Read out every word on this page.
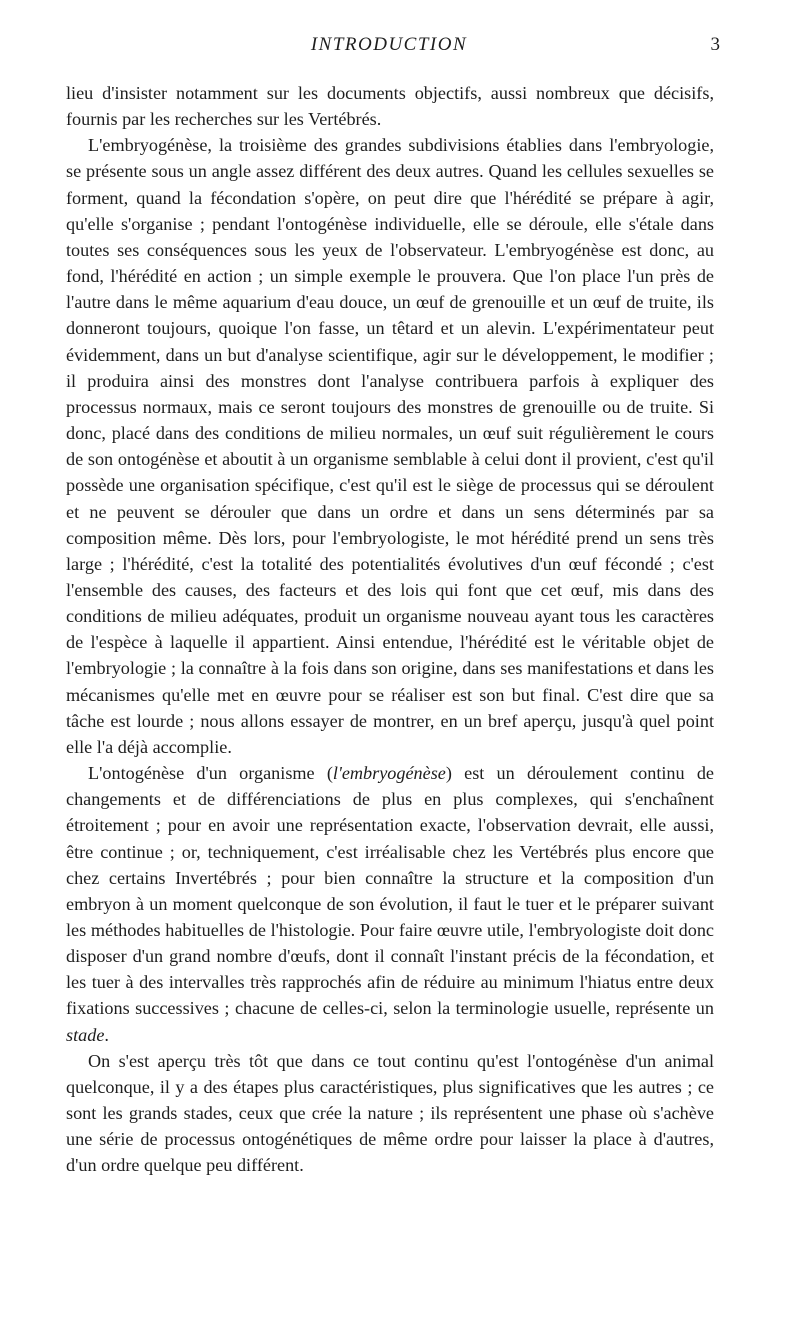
INTRODUCTION	3

lieu d'insister notamment sur les documents objectifs, aussi nombreux que décisifs, fournis par les recherches sur les Vertébrés.

L'embryogénèse, la troisième des grandes subdivisions établies dans l'embryologie, se présente sous un angle assez différent des deux autres. Quand les cellules sexuelles se forment, quand la fécondation s'opère, on peut dire que l'hérédité se prépare à agir, qu'elle s'organise ; pendant l'ontogénèse individuelle, elle se déroule, elle s'étale dans toutes ses conséquences sous les yeux de l'observateur. L'embryogénèse est donc, au fond, l'hérédité en action ; un simple exemple le prouvera. Que l'on place l'un près de l'autre dans le même aquarium d'eau douce, un œuf de grenouille et un œuf de truite, ils donneront toujours, quoique l'on fasse, un têtard et un alevin. L'expérimentateur peut évidemment, dans un but d'analyse scientifique, agir sur le développement, le modifier ; il produira ainsi des monstres dont l'analyse contribuera parfois à expliquer des processus normaux, mais ce seront toujours des monstres de grenouille ou de truite. Si donc, placé dans des conditions de milieu normales, un œuf suit régulièrement le cours de son ontogénèse et aboutit à un organisme semblable à celui dont il provient, c'est qu'il possède une organisation spécifique, c'est qu'il est le siège de processus qui se déroulent et ne peuvent se dérouler que dans un ordre et dans un sens déterminés par sa composition même. Dès lors, pour l'embryologiste, le mot hérédité prend un sens très large ; l'hérédité, c'est la totalité des potentialités évolutives d'un œuf fécondé ; c'est l'ensemble des causes, des facteurs et des lois qui font que cet œuf, mis dans des conditions de milieu adéquates, produit un organisme nouveau ayant tous les caractères de l'espèce à laquelle il appartient. Ainsi entendue, l'hérédité est le véritable objet de l'embryologie ; la connaître à la fois dans son origine, dans ses manifestations et dans les mécanismes qu'elle met en œuvre pour se réaliser est son but final. C'est dire que sa tâche est lourde ; nous allons essayer de montrer, en un bref aperçu, jusqu'à quel point elle l'a déjà accomplie.

L'ontogénèse d'un organisme (l'embryogénèse) est un déroulement continu de changements et de différenciations de plus en plus complexes, qui s'enchaînent étroitement ; pour en avoir une représentation exacte, l'observation devrait, elle aussi, être continue ; or, techniquement, c'est irréalisable chez les Vertébrés plus encore que chez certains Invertébrés ; pour bien connaître la structure et la composition d'un embryon à un moment quelconque de son évolution, il faut le tuer et le préparer suivant les méthodes habituelles de l'histologie. Pour faire œuvre utile, l'embryologiste doit donc disposer d'un grand nombre d'œufs, dont il connaît l'instant précis de la fécondation, et les tuer à des intervalles très rapprochés afin de réduire au minimum l'hiatus entre deux fixations successives ; chacune de celles-ci, selon la terminologie usuelle, représente un stade.

On s'est aperçu très tôt que dans ce tout continu qu'est l'ontogénèse d'un animal quelconque, il y a des étapes plus caractéristiques, plus significatives que les autres ; ce sont les grands stades, ceux que crée la nature ; ils représentent une phase où s'achève une série de processus ontogénétiques de même ordre pour laisser la place à d'autres, d'un ordre quelque peu différent.
